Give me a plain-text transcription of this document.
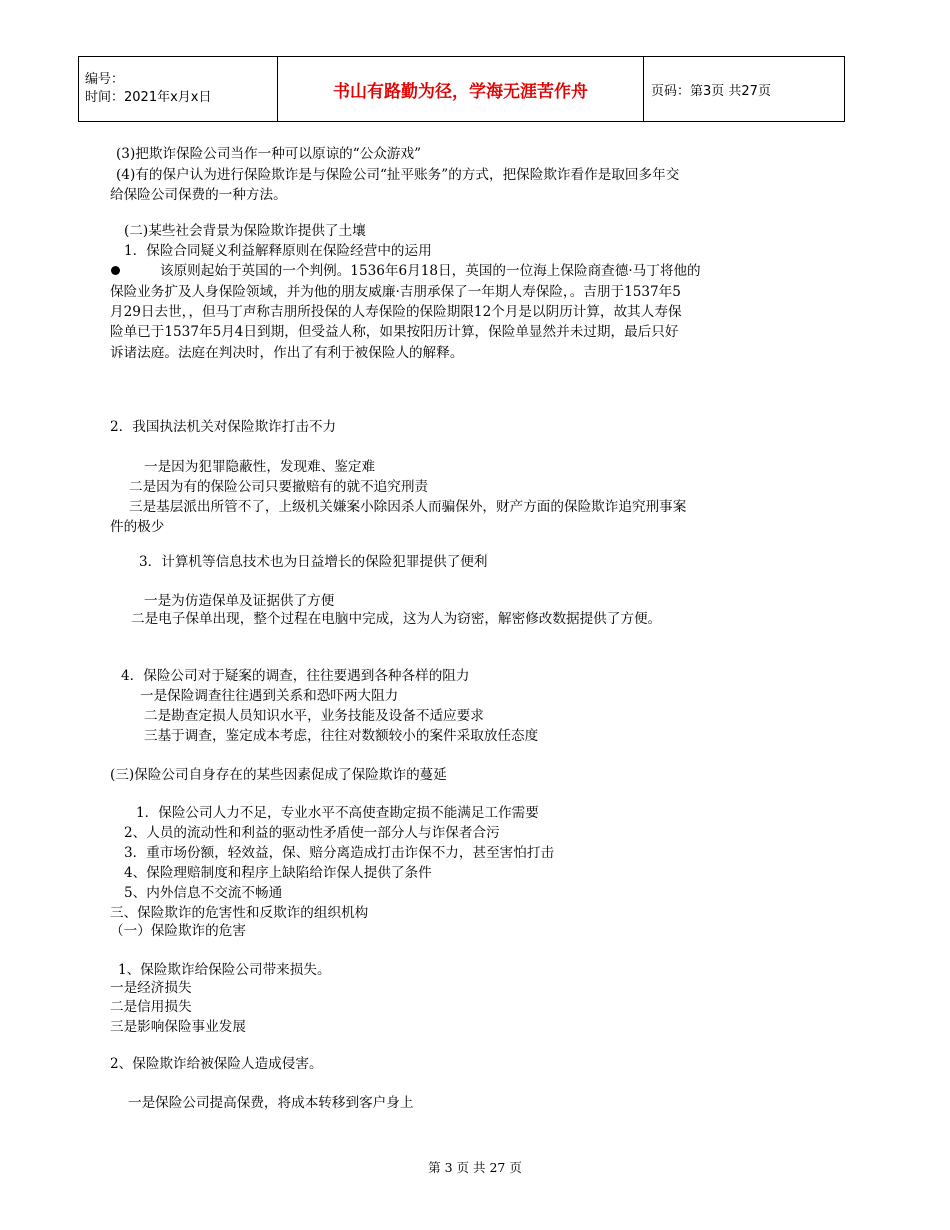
编号：
时间：2021年x月x日	书山有路勤为径，学海无涯苦作舟	页码：第3页 共27页
(3)把欺诈保险公司当作一种可以原谅的“公众游戏”
(4)有的保户认为进行保险欺诈是与保险公司“扯平账务”的方式，把保险欺诈看作是取回多年交
给保险公司保费的一种方法。
(二)某些社会背景为保险欺诈提供了土壤
1．保险合同疑义利益解释原则在保险经营中的运用
该原则起始于英国的一个判例。1536年6月18日，英国的一位海上保险商查德·马丁将他的
保险业务扩及人身保险领域，并为他的朋友威廉·吉朋承保了一年期人寿保险，。吉朋于1537年5
月29日去世，，但马丁声称吉朋所投保的人寿保险的保险期限12个月是以阴历计算，故其人寿保
险单已于1537年5月4日到期，但受益人称，如果按阳历计算，保险单显然并未过期，最后只好
诉诸法庭。法庭在判决时，作出了有利于被保险人的解释。
2．我国执法机关对保险欺诈打击不力
一是因为犯罪隐蔽性，发现难、鉴定难
二是因为有的保险公司只要撤赔有的就不追究刑责
三是基层派出所管不了，上级机关嫌案小除因杀人而骗保外，财产方面的保险欺诈追究刑事案
件的极少
3．计算机等信息技术也为日益增长的保险犯罪提供了便利
一是为仿造保单及证据供了方便
二是电子保单出现，整个过程在电脑中完成，这为人为窃密，解密修改数据提供了方便。
4．保险公司对于疑案的调查，往往要遇到各种各样的阻力
一是保险调查往往遇到关系和恐吓两大阻力
二是勘查定损人员知识水平，业务技能及设备不适应要求
三基于调查，鉴定成本考虑，往往对数额较小的案件采取放任态度
(三)保险公司自身存在的某些因素促成了保险欺诈的蔓延
1．保险公司人力不足，专业水平不高使查勘定损不能满足工作需要
2、人员的流动性和利益的驱动性矛盾使一部分人与诈保者合污
3．重市场份额，轻效益，保、赔分离造成打击诈保不力，甚至害怕打击
4、保险理赔制度和程序上缺陷给诈保人提供了条件
5、内外信息不交流不畅通
三、保险欺诈的危害性和反欺诈的组织机构
（一）保险欺诈的危害
1、保险欺诈给保险公司带来损失。
一是经济损失
二是信用损失
三是影响保险事业发展
2、保险欺诈给被保险人造成侵害。
一是保险公司提高保费，将成本转移到客户身上
第 3 页 共 27 页
